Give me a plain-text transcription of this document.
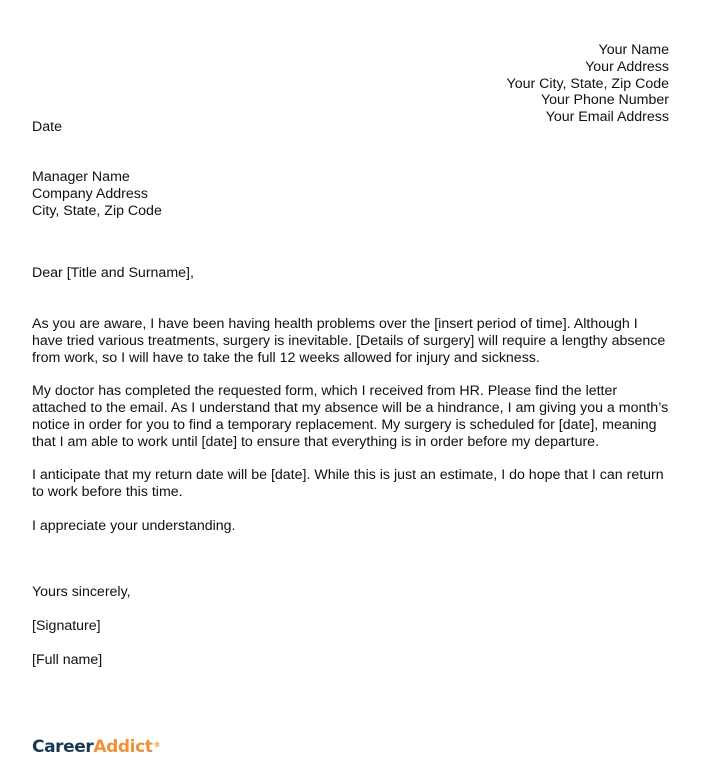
Your Name
Your Address
Your City, State, Zip Code
Your Phone Number
Your Email Address
Date
Manager Name
Company Address
City, State, Zip Code
Dear [Title and Surname],

As you are aware, I have been having health problems over the [insert period of time]. Although I have tried various treatments, surgery is inevitable. [Details of surgery] will require a lengthy absence from work, so I will have to take the full 12 weeks allowed for injury and sickness.

My doctor has completed the requested form, which I received from HR. Please find the letter attached to the email. As I understand that my absence will be a hindrance, I am giving you a month’s notice in order for you to find a temporary replacement. My surgery is scheduled for [date], meaning that I am able to work until [date] to ensure that everything is in order before my departure.

I anticipate that my return date will be [date]. While this is just an estimate, I do hope that I can return to work before this time.

I appreciate your understanding.

Yours sincerely,
[Signature]
[Full name]
CareerAddict®
